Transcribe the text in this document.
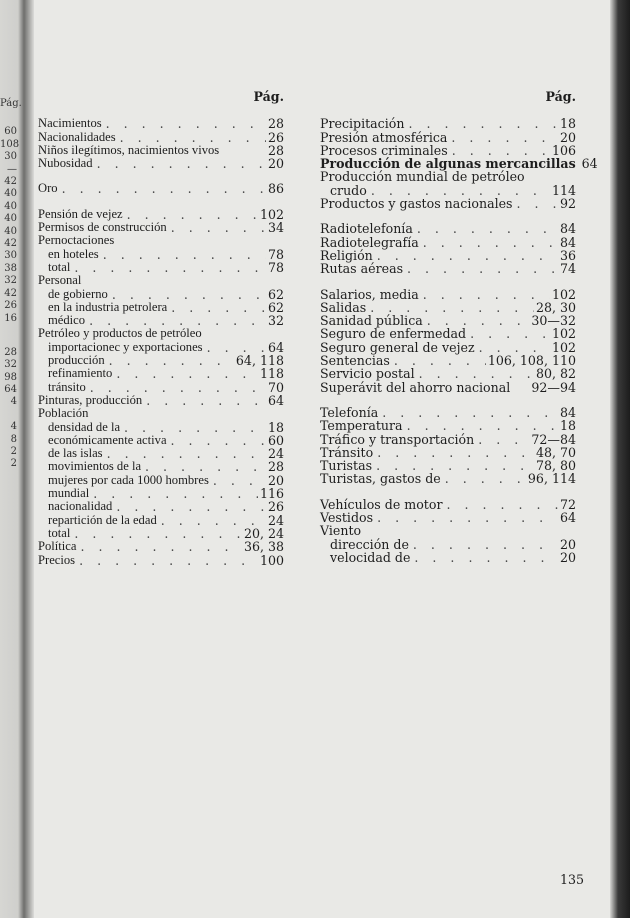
Pág.
60
108
30
—42
40
40
40
40
42
30
38
32
42
26
16
28
32
98
64
4
4
8
2
2
Pág.
Nacimientos . . .	28
Nacionalidades . . .	26
Niños ilegítimos, nacimientos vivos	28
Nubosidad . . .	20
Oro . . .	86
Pensión de vejez . . .	102
Permisos de construcción . . .	34
Pernoctaciones
en hoteles . . .	78
total . . .	78
Personal
de gobierno . . .	62
en la industria petrolera . . .	62
médico . . .	32
Petróleo y productos de petróleo
importacionec y exportaciones . . .	64
producción . . .	64, 118
refinamiento . . .	118
tránsito . . .	70
Pinturas, producción . . .	64
Población
densidad de la . . .	18
económicamente activa . . .	60
de las islas . . .	24
movimientos de la . . .	28
mujeres por cada 1000 hombres . . .	20
mundial . . .	116
nacionalidad . . .	26
repartición de la edad . . .	24
total . . .	20, 24
Política . . .	36, 38
Precios . . .	100
Pág.
Precipitación . . .	18
Presión atmosférica . . .	20
Procesos criminales . . .	106
Producción de algunas mercancillas 64
Producción mundial de petróleo
crudo . . .	114
Productos y gastos nacionales . . .	92
Radiotelefonía . . .	84
Radiotelegrafía . . .	84
Religión . . .	36
Rutas aéreas . . .	74
Salarios, media . . .	102
Salidas . . .	28, 30
Sanidad pública . . .	30—32
Seguro de enfermedad . . .	102
Seguro general de vejez . . .	102
Sentencias . . .	106, 108, 110
Servicio postal . . .	80, 82
Superávit del ahorro nacional 92—94
Telefonía . . .	84
Temperatura . . .	18
Tráfico y transportación . . .	72—84
Tránsito . . .	48, 70
Turistas . . .	78, 80
Turistas, gastos de . . .	96, 114
Vehículos de motor . . .	72
Vestidos . . .	64
Viento
dirección de . . .	20
velocidad de . . .	20
135
